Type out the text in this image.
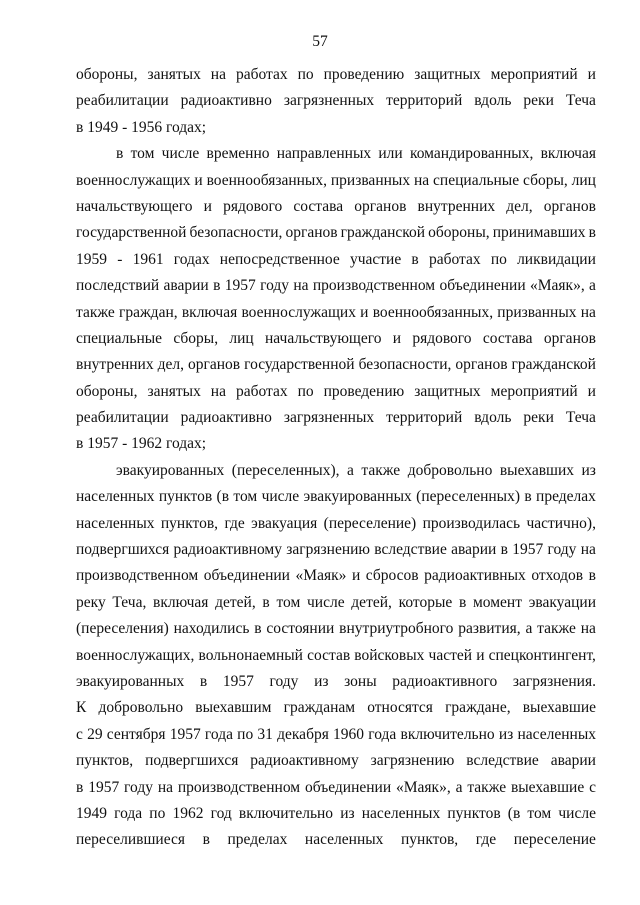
57
обороны, занятых на работах по проведению защитных мероприятий и
реабилитации радиоактивно загрязненных территорий вдоль реки Теча
в 1949 - 1956 годах;
в том числе временно направленных или командированных, включая
военнослужащих и военнообязанных, призванных на специальные сборы, лиц
начальствующего и рядового состава органов внутренних дел, органов
государственной безопасности, органов гражданской обороны, принимавших в
1959 - 1961 годах непосредственное участие в работах по ликвидации
последствий аварии в 1957 году на производственном объединении «Маяк», а
также граждан, включая военнослужащих и военнообязанных, призванных на
специальные сборы, лиц начальствующего и рядового состава органов
внутренних дел, органов государственной безопасности, органов гражданской
обороны, занятых на работах по проведению защитных мероприятий и
реабилитации радиоактивно загрязненных территорий вдоль реки Теча
в 1957 - 1962 годах;
эвакуированных (переселенных), а также добровольно выехавших из
населенных пунктов (в том числе эвакуированных (переселенных) в пределах
населенных пунктов, где эвакуация (переселение) производилась частично),
подвергшихся радиоактивному загрязнению вследствие аварии в 1957 году на
производственном объединении «Маяк» и сбросов радиоактивных отходов в
реку Теча, включая детей, в том числе детей, которые в момент эвакуации
(переселения) находились в состоянии внутриутробного развития, а также на
военнослужащих, вольнонаемный состав войсковых частей и спецконтингент,
эвакуированных в 1957 году из зоны радиоактивного загрязнения.
К добровольно выехавшим гражданам относятся граждане, выехавшие
с 29 сентября 1957 года по 31 декабря 1960 года включительно из населенных
пунктов, подвергшихся радиоактивному загрязнению вследствие аварии
в 1957 году на производственном объединении «Маяк», а также выехавшие с
1949 года по 1962 год включительно из населенных пунктов (в том числе
переселившиеся в пределах населенных пунктов, где переселение
